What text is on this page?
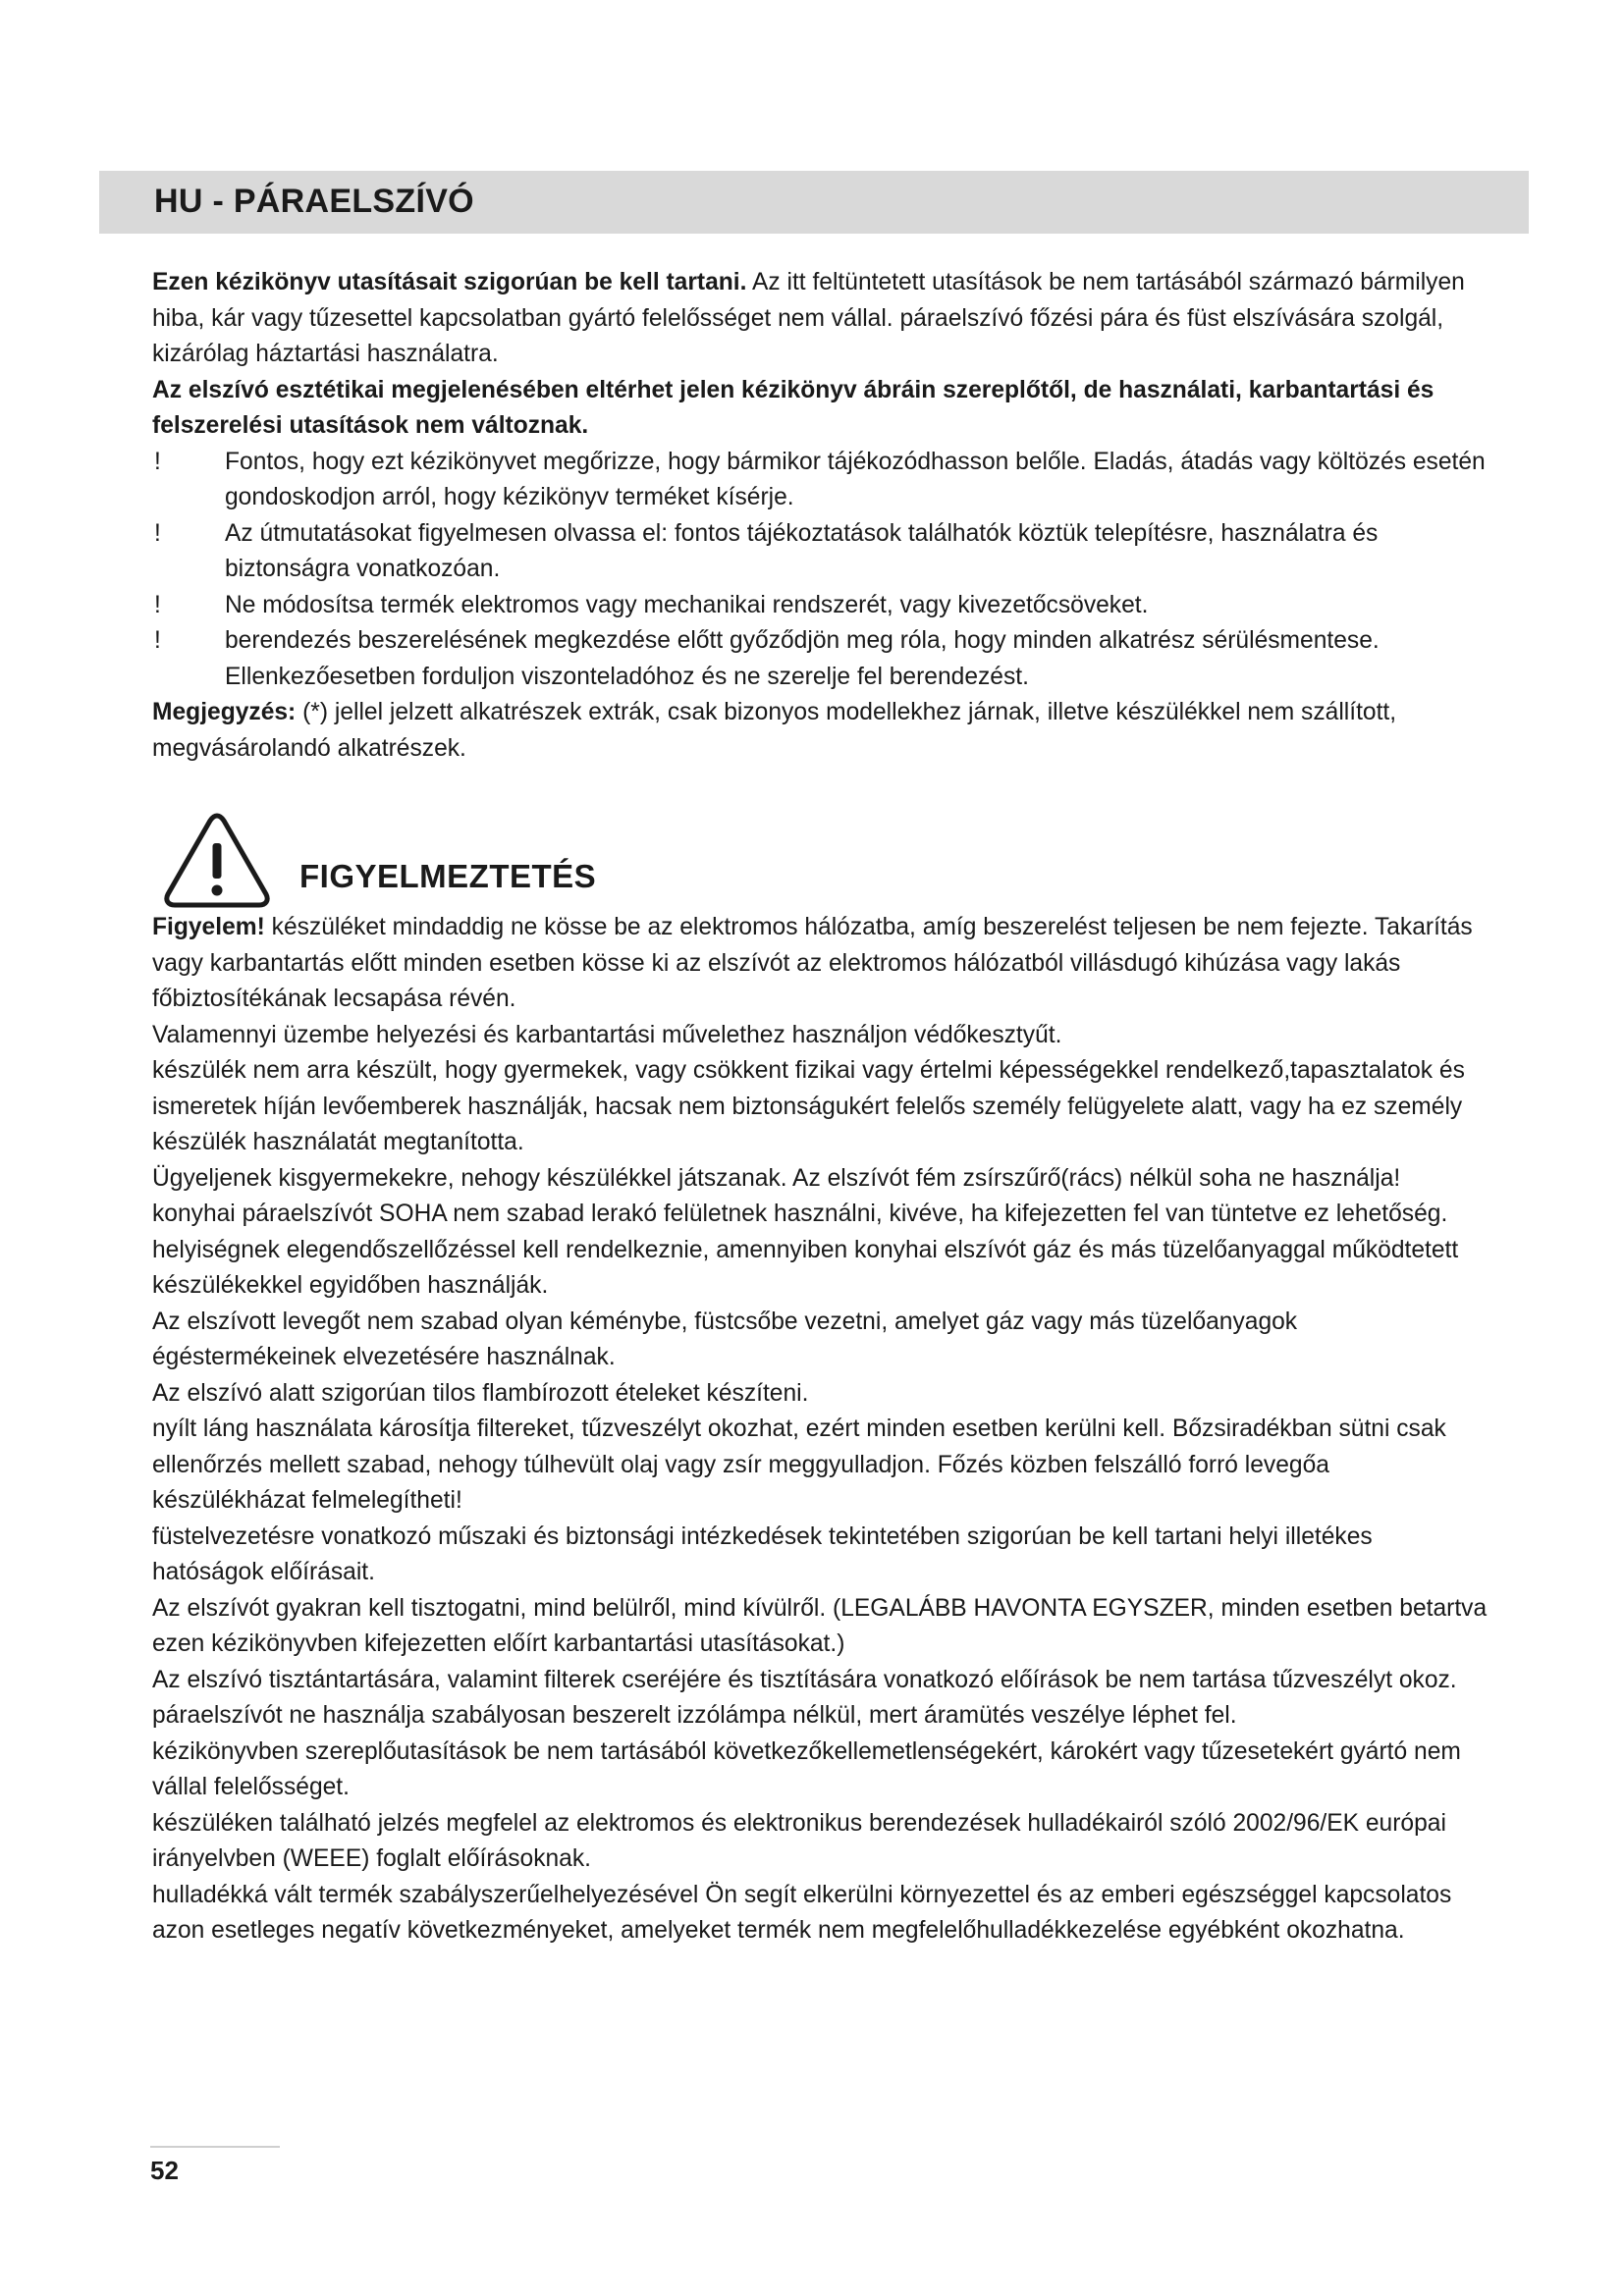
HU - PÁRAELSZÍVÓ

Ezen kézikönyv utasításait szigorúan be kell tartani. Az itt feltüntetett utasítások be nem tartásából származó bármilyen hiba, kár vagy tűzesettel kapcsolatban gyártó felelősséget nem vállal. páraelszívó főzési pára és füst elszívására szolgál, kizárólag háztartási használatra.

Az elszívó esztétikai megjelenésében eltérhet jelen kézikönyv ábráin szereplőtől, de használati, karbantartási és felszerelési utasítások nem változnak.

!	Fontos, hogy ezt kézikönyvet megőrizze, hogy bármikor tájékozódhasson belőle. Eladás, átadás vagy költözés esetén gondoskodjon arról, hogy kézikönyv terméket kísérje.

!	Az útmutatásokat figyelmesen olvassa el: fontos tájékoztatások találhatók köztük telepítésre, használatra és biztonságra vonatkozóan.

!	Ne módosítsa termék elektromos vagy mechanikai rendszerét, vagy kivezetőcsöveket.

!	berendezés beszerelésének megkezdése előtt győződjön meg róla, hogy minden alkatrész sérülésmentese. Ellenkezőesetben forduljon viszonteladóhoz és ne szerelje fel berendezést.

Megjegyzés: (*) jellel jelzett alkatrészek extrák, csak bizonyos modellekhez járnak, illetve készülékkel nem szállított, megvásárolandó alkatrészek.

FIGYELMEZTETÉS

Figyelem! készüléket mindaddig ne kösse be az elektromos hálózatba, amíg beszerelést teljesen be nem fejezte. Takarítás vagy karbantartás előtt minden esetben kösse ki az elszívót az elektromos hálózatból villásdugó kihúzása vagy lakás főbiztosítékának lecsapása révén.

Valamennyi üzembe helyezési és karbantartási művelethez használjon védőkesztyűt.

készülék nem arra készült, hogy gyermekek, vagy csökkent fizikai vagy értelmi képességekkel rendelkező,tapasztalatok és ismeretek híján levőemberek használják, hacsak nem biztonságukért felelős személy felügyelete alatt, vagy ha ez személy készülék használatát megtanította.

Ügyeljenek kisgyermekekre, nehogy készülékkel játszanak. Az elszívót fém zsírszűrő(rács) nélkül soha ne használja!

konyhai páraelszívót SOHA nem szabad lerakó felületnek használni, kivéve, ha kifejezetten fel van tüntetve ez lehetőség.

helyiségnek elegendőszellőzéssel kell rendelkeznie, amennyiben konyhai elszívót gáz és más tüzelőanyaggal működtetett készülékekkel egyidőben használják.

Az elszívott levegőt nem szabad olyan kéménybe, füstcsőbe vezetni, amelyet gáz vagy más tüzelőanyagok égéstermékeinek elvezetésére használnak.

Az elszívó alatt szigorúan tilos flambírozott ételeket készíteni.

nyílt láng használata károsítja filtereket, tűzveszélyt okozhat, ezért minden esetben kerülni kell. Bőzsiradékban sütni csak ellenőrzés mellett szabad, nehogy túlhevült olaj vagy zsír meggyulladjon. Főzés közben felszálló forró levegőa készülékházat felmelegítheti!

füstelvezetésre vonatkozó műszaki és biztonsági intézkedések tekintetében szigorúan be kell tartani helyi illetékes hatóságok előírásait.

Az elszívót gyakran kell tisztogatni, mind belülről, mind kívülről. (LEGALÁBB HAVONTA EGYSZER, minden esetben betartva ezen kézikönyvben kifejezetten előírt karbantartási utasításokat.)

Az elszívó tisztántartására, valamint filterek cseréjére és tisztítására vonatkozó előírások be nem tartása tűzveszélyt okoz.

páraelszívót ne használja szabályosan beszerelt izzólámpa nélkül, mert áramütés veszélye léphet fel.

kézikönyvben szereplőutasítások be nem tartásából következőkellemetlenségekért, károkért vagy tűzesetekért gyártó nem vállal felelősséget.

készüléken található jelzés megfelel az elektromos és elektronikus berendezések hulladékairól szóló 2002/96/EK európai irányelvben (WEEE) foglalt előírásoknak.

hulladékká vált termék szabályszerűelhelyezésével Ön segít elkerülni környezettel és az emberi egészséggel kapcsolatos azon esetleges negatív következményeket, amelyeket termék nem megfelelőhulladékkezelése egyébként okozhatna.

52
